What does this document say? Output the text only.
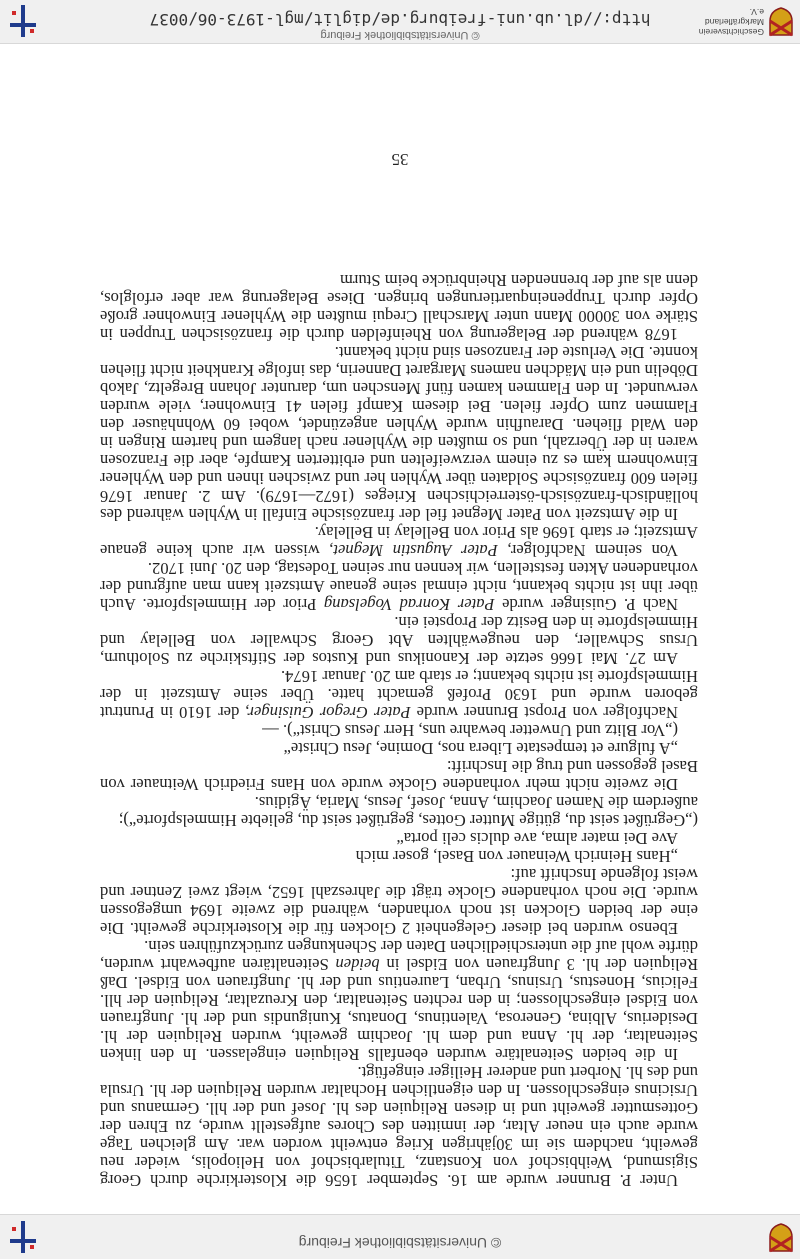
© Universitätsbibliothek Freiburg

Unter P. Brunner wurde am 16. September 1656 die Klosterkirche durch Georg Sigismund, Weihbischof von Konstanz, Titularbischof von Heliopolis, wieder neu geweiht, nachdem sie im 30jährigen Krieg entweiht worden war. Am gleichen Tage wurde auch ein neuer Altar, der inmitten des Chores aufgestellt wurde, zu Ehren der Gottesmutter geweiht und in diesen Reliquien des hl. Josef und der hll. Germanus und Ursicinus eingeschlossen. In den eigentlichen Hochaltar wurden Reliquien der hl. Ursula und des hl. Norbert und anderer Heiliger eingefügt.

In die beiden Seitenaltäre wurden ebenfalls Reliquien eingelassen. In den linken Seitenaltar, der hl. Anna und dem hl. Joachim geweiht, wurden Reliquien der hl. Desiderius, Albina, Generosa, Valentinus, Donatus, Kunigundis und der hl. Jungfrauen von Eidsel eingeschlossen; in den rechten Seitenaltar, den Kreuzaltar, Reliquien der hll. Felicius, Honestus, Ursinus, Urban, Laurentius und der hl. Jungfrauen von Eidsel. Daß Reliquien der hl. 3 Jungfrauen von Eidsel in beiden Seitenaltären aufbewahrt wurden, dürfte wohl auf die unterschiedlichen Daten der Schenkungen zurückzuführen sein.

Ebenso wurden bei dieser Gelegenheit 2 Glocken für die Klosterkirche geweiht. Die eine der beiden Glocken ist noch vorhanden, während die zweite 1694 umgegossen wurde. Die noch vorhandene Glocke trägt die Jahreszahl 1652, wiegt zwei Zentner und weist folgende Inschrift auf:

„Hans Heinrich Weinauer von Basel, goser mich

Ave Dei mater alma, ave dulcis celi porta“

(„Gegrüßet seist du, gütige Mutter Gottes, gegrüßet seist du, geliebte Himmelspforte“);

außerdem die Namen Joachim, Anna, Josef, Jesus, Maria, Ägidius.

Die zweite nicht mehr vorhandene Glocke wurde von Hans Friedrich Weitnauer von Basel gegossen und trug die Inschrift:

„A fulgure et tempestate Libera nos, Domine, Jesu Christe“

(„Vor Blitz und Unwetter bewahre uns, Herr Jesus Christ“). —

Nachfolger von Propst Brunner wurde Pater Gregor Guisinger, der 1610 in Pruntrut geboren wurde und 1630 Profeß gemacht hatte. Über seine Amtszeit in der Himmelspforte ist nichts bekannt; er starb am 20. Januar 1674.

Am 27. Mai 1666 setzte der Kanonikus und Kustos der Stiftskirche zu Solothurn, Ursus Schwaller, den neugewählten Abt Georg Schwaller von Bellelay und Himmelspforte in den Besitz der Propstei ein.

Nach P. Guisinger wurde Pater Konrad Vogelsang Prior der Himmelspforte. Auch über ihn ist nichts bekannt, nicht einmal seine genaue Amtszeit kann man aufgrund der vorhandenen Akten feststellen, wir kennen nur seinen Todestag, den 20. Juni 1702.

Von seinem Nachfolger, Pater Augustin Megnet, wissen wir auch keine genaue Amtszeit; er starb 1696 als Prior von Bellelay in Bellelay.

In die Amtszeit von Pater Megnet fiel der französische Einfall in Wyhlen während des holländisch-französisch-österreichischen Krieges (1672—1679). Am 2. Januar 1676 fielen 600 französische Soldaten über Wyhlen her und zwischen ihnen und den Wyhlener Einwohnern kam es zu einem verzweifelten und erbitterten Kampfe, aber die Franzosen waren in der Überzahl, und so mußten die Wyhlener nach langem und hartem Ringen in den Wald fliehen. Daraufhin wurde Wyhlen angezündet, wobei 60 Wohnhäuser den Flammen zum Opfer fielen. Bei diesem Kampf fielen 41 Einwohner, viele wurden verwundet. In den Flammen kamen fünf Menschen um, darunter Johann Bregeltz, Jakob Döbelin und ein Mädchen namens Margaret Dannerin, das infolge Krankheit nicht fliehen konnte. Die Verluste der Franzosen sind nicht bekannt.

1678 während der Belagerung von Rheinfelden durch die französischen Truppen in Stärke von 30000 Mann unter Marschall Crequi mußten die Wyhlener Einwohner große Opfer durch Truppeneinquartierungen bringen. Diese Belagerung war aber erfolglos, denn als auf der brennenden Rheinbrücke beim Sturm

35
Geschichtsverein
Markgräflerland e.V.
© Universitätsbibliothek Freiburg
http://dl.ub.uni-freiburg.de/diglit/mgl-1973-06/0037
